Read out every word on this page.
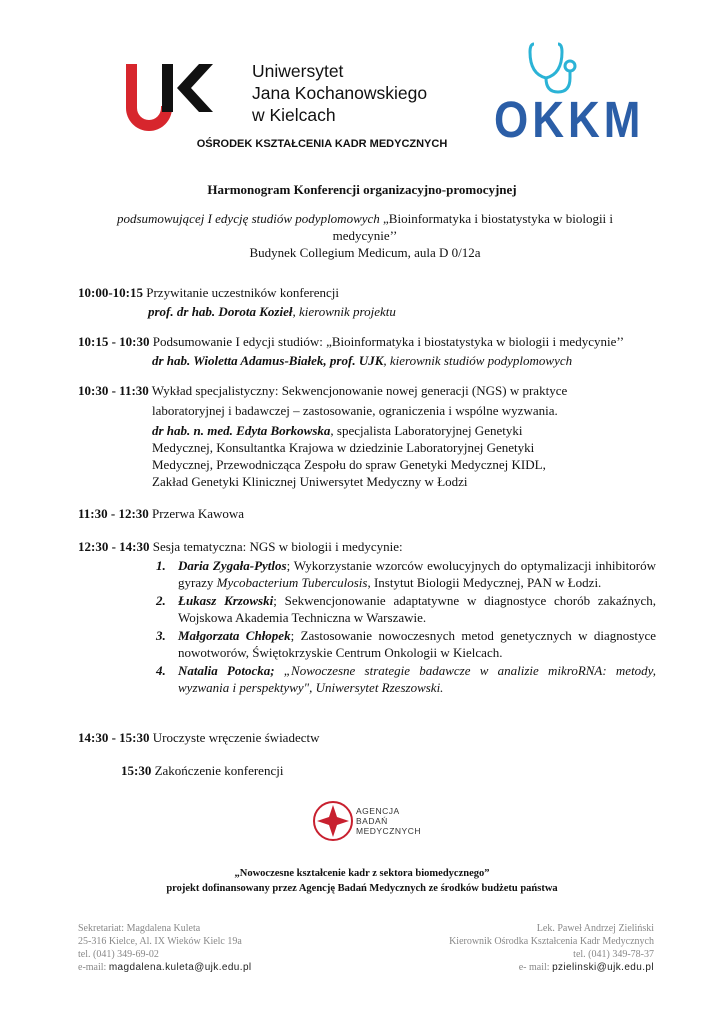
Uniwersytet
Jana Kochanowskiego
w Kielcach	OKKM
OŚRODEK KSZTAŁCENIA KADR MEDYCZNYCH
Harmonogram Konferencji organizacyjno-promocyjnej
podsumowującej I edycję studiów podyplomowych „Bioinformatyka i biostatystyka w biologii i medycynie’’
Budynek Collegium Medicum, aula D 0/12a
10:00-10:15 Przywitanie uczestników konferencji
prof. dr hab. Dorota Kozieł, kierownik projektu
10:15 - 10:30 Podsumowanie I edycji studiów: „Bioinformatyka i biostatystyka w biologii i medycynie’’
dr hab. Wioletta Adamus-Białek, prof. UJK, kierownik studiów podyplomowych
10:30 - 11:30 Wykład specjalistyczny: Sekwencjonowanie nowej generacji (NGS) w praktyce
laboratoryjnej i badawczej – zastosowanie, ograniczenia i wspólne wyzwania.
dr hab. n. med. Edyta Borkowska, specjalista Laboratoryjnej Genetyki Medycznej, Konsultantka Krajowa w dziedzinie Laboratoryjnej Genetyki Medycznej, Przewodnicząca Zespołu do spraw Genetyki Medycznej KIDL, Zakład Genetyki Klinicznej Uniwersytet Medyczny w Łodzi
11:30 - 12:30 Przerwa Kawowa
12:30 - 14:30 Sesja tematyczna: NGS w biologii i medycynie:
1. Daria Zygała-Pytlos; Wykorzystanie wzorców ewolucyjnych do optymalizacji inhibitorów gyrazy Mycobacterium Tuberculosis, Instytut Biologii Medycznej, PAN w Łodzi.
2. Łukasz Krzowski; Sekwencjonowanie adaptatywne w diagnostyce chorób zakaźnych, Wojskowa Akademia Techniczna w Warszawie.
3. Małgorzata Chłopek; Zastosowanie nowoczesnych metod genetycznych w diagnostyce nowotworów, Świętokrzyskie Centrum Onkologii w Kielcach.
4. Natalia Potocka; „Nowoczesne strategie badawcze w analizie mikroRNA: metody, wyzwania i perspektywy", Uniwersytet Rzeszowski.
14:30 - 15:30 Uroczyste wręczenie świadectw
15:30 Zakończenie konferencji
AGENCJA
BADAŃ
MEDYCZNYCH
„Nowoczesne kształcenie kadr z sektora biomedycznego”
projekt dofinansowany przez Agencję Badań Medycznych ze środków budżetu państwa
Sekretariat: Magdalena Kuleta
25-316 Kielce, Al. IX Wieków Kielc 19a
tel. (041) 349-69-02
e-mail: magdalena.kuleta@ujk.edu.pl
Lek. Paweł Andrzej Zieliński
Kierownik Ośrodka Kształcenia Kadr Medycznych
tel. (041) 349-78-37
e- mail: pzielinski@ujk.edu.pl
